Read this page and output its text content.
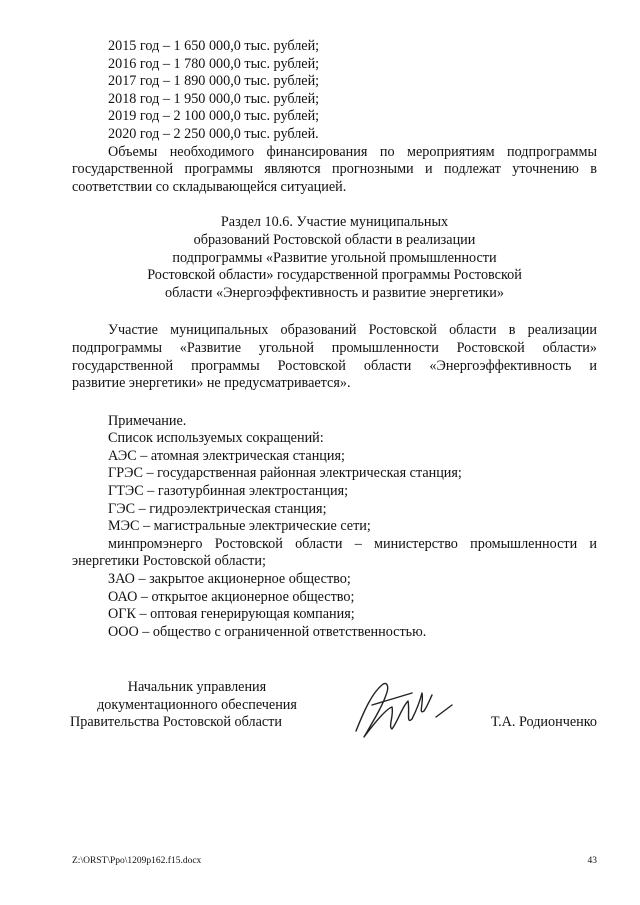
2015 год – 1 650 000,0 тыс. рублей;
2016 год – 1 780 000,0 тыс. рублей;
2017 год – 1 890 000,0 тыс. рублей;
2018 год – 1 950 000,0 тыс. рублей;
2019 год – 2 100 000,0 тыс. рублей;
2020 год – 2 250 000,0 тыс. рублей.
Объемы необходимого финансирования по мероприятиям подпрограммы
государственной программы являются прогнозными и подлежат уточнению в
соответствии со складывающейся ситуацией.
Раздел 10.6. Участие муниципальных
образований Ростовской области в реализации
подпрограммы «Развитие угольной промышленности
Ростовской области» государственной программы Ростовской
области «Энергоэффективность и развитие энергетики»
Участие муниципальных образований Ростовской области в реализации
подпрограммы «Развитие угольной промышленности Ростовской области»
государственной программы Ростовской области «Энергоэффективность и
развитие энергетики» не предусматривается».
Примечание.
Список используемых сокращений:
АЭС – атомная электрическая станция;
ГРЭС – государственная районная электрическая станция;
ГТЭС – газотурбинная электростанция;
ГЭС – гидроэлектрическая станция;
МЭС – магистральные электрические сети;
минпромэнерго Ростовской области – министерство промышленности и
энергетики Ростовской области;
ЗАО – закрытое акционерное общество;
ОАО – открытое акционерное общество;
ОГК – оптовая генерирующая компания;
ООО – общество с ограниченной ответственностью.
Начальник управления
документационного обеспечения
Правительства Ростовской области	Т.А. Родионченко
Z:\ORST\Ppo\1209p162.f15.docx	43
